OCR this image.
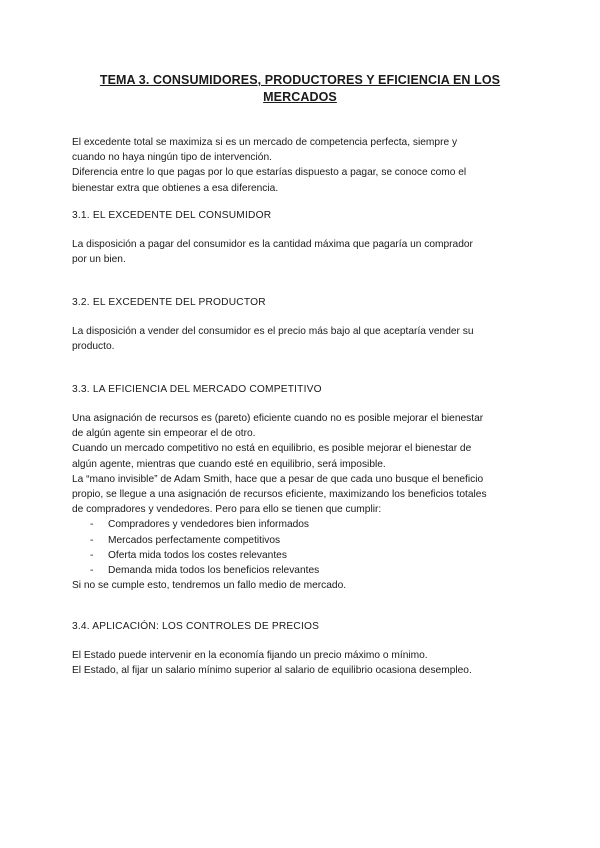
TEMA 3. CONSUMIDORES, PRODUCTORES Y EFICIENCIA EN LOS
MERCADOS

El excedente total se maximiza si es un mercado de competencia perfecta, siempre y

cuando no haya ningún tipo de intervención.

Diferencia entre lo que pagas por lo que estarías dispuesto a pagar, se conoce como el

bienestar extra que obtienes a esa diferencia.

3.1. EL EXCEDENTE DEL CONSUMIDOR

La disposición a pagar del consumidor es la cantidad máxima que pagaría un comprador

por un bien.

3.2. EL EXCEDENTE DEL PRODUCTOR

La disposición a vender del consumidor es el precio más bajo al que aceptaría vender su

producto.

3.3. LA EFICIENCIA DEL MERCADO COMPETITIVO

Una asignación de recursos es (pareto) eficiente cuando no es posible mejorar el bienestar

de algún agente sin empeorar el de otro.

Cuando un mercado competitivo no está en equilibrio, es posible mejorar el bienestar de

algún agente, mientras que cuando esté en equilibrio, será imposible.

La “mano invisible” de Adam Smith, hace que a pesar de que cada uno busque el beneficio

propio, se llegue a una asignación de recursos eficiente, maximizando los beneficios totales

de compradores y vendedores. Pero para ello se tienen que cumplir:

- Compradores y vendedores bien informados
- Mercados perfectamente competitivos
- Oferta mida todos los costes relevantes
- Demanda mida todos los beneficios relevantes

Si no se cumple esto, tendremos un fallo medio de mercado.

3.4. APLICACIÓN: LOS CONTROLES DE PRECIOS

El Estado puede intervenir en la economía fijando un precio máximo o mínimo.

El Estado, al fijar un salario mínimo superior al salario de equilibrio ocasiona desempleo.
